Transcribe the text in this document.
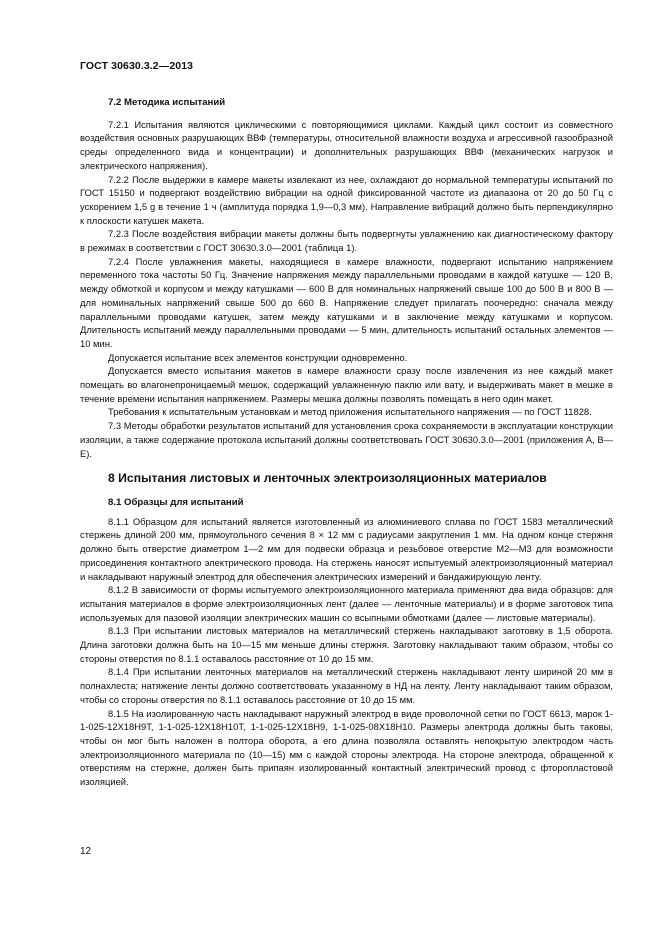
ГОСТ 30630.3.2—2013
7.2 Методика испытаний

7.2.1 Испытания являются циклическими с повторяющимися циклами. Каждый цикл состоит из совместного воздействия основных разрушающих ВВФ (температуры, относительной влажности воздуха и агрессивной газообразной среды определенного вида и концентрации) и дополнительных разрушающих ВВФ (механических нагрузок и электрического напряжения).

7.2.2 После выдержки в камере макеты извлекают из нее, охлаждают до нормальной температуры испытаний по ГОСТ 15150 и подвергают воздействию вибрации на одной фиксированной частоте из диапазона от 20 до 50 Гц с ускорением 1,5 g в течение 1 ч (амплитуда порядка 1,9—0,3 мм). Направление вибраций должно быть перпендикулярно к плоскости катушек макета.

7.2.3 После воздействия вибрации макеты должны быть подвергнуты увлажнению как диагностическому фактору в режимах в соответствии с ГОСТ 30630.3.0—2001 (таблица 1).

7.2.4 После увлажнения макеты, находящиеся в камере влажности, подвергают испытанию напряжением переменного тока частоты 50 Гц. Значение напряжения между параллельными проводами в каждой катушке — 120 В, между обмоткой и корпусом и между катушками — 600 В для номинальных напряжений свыше 100 до 500 В и 800 В — для номинальных напряжений свыше 500 до 660 В. Напряжение следует прилагать поочередно: сначала между параллельными проводами катушек, затем между катушками и в заключение между катушками и корпусом. Длительность испытаний между параллельными проводами — 5 мин, длительность испытаний остальных элементов — 10 мин.

Допускается испытание всех элементов конструкции одновременно.

Допускается вместо испытания макетов в камере влажности сразу после извлечения из нее каждый макет помещать во влагонепроницаемый мешок, содержащий увлажненную паклю или вату, и выдерживать макет в мешке в течение времени испытания напряжением. Размеры мешка должны позволять помещать в него один макет.

Требования к испытательным установкам и метод приложения испытательного напряжения — по ГОСТ 11828.

7.3 Методы обработки результатов испытаний для установления срока сохраняемости в эксплуатации конструкции изоляции, а также содержание протокола испытаний должны соответствовать ГОСТ 30630.3.0—2001 (приложения А, В—Е).

8 Испытания листовых и ленточных электроизоляционных материалов
8.1 Образцы для испытаний

8.1.1 Образцом для испытаний является изготовленный из алюминиевого сплава по ГОСТ 1583 металлический стержень длиной 200 мм, прямоугольного сечения 8 × 12 мм с радиусами закругления 1 мм. На одном конце стержня должно быть отверстие диаметром 1—2 мм для подвески образца и резьбовое отверстие М2—М3 для возможности присоединения контактного электрического провода. На стержень наносят испытуемый электроизоляционный материал и накладывают наружный электрод для обеспечения электрических измерений и бандажирующую ленту.

8.1.2 В зависимости от формы испытуемого электроизоляционного материала применяют два вида образцов: для испытания материалов в форме электроизоляционных лент (далее — ленточные материалы) и в форме заготовок типа используемых для пазовой изоляции электрических машин со всыпными обмотками (далее — листовые материалы).

8.1.3 При испытании листовых материалов на металлический стержень накладывают заготовку в 1,5 оборота. Длина заготовки должна быть на 10—15 мм меньше длины стержня. Заготовку накладывают таким образом, чтобы со стороны отверстия по 8.1.1 оставалось расстояние от 10 до 15 мм.

8.1.4 При испытании ленточных материалов на металлический стержень накладывают ленту шириной 20 мм в полнахлеста; натяжение ленты должно соответствовать указанному в НД на ленту. Ленту накладывают таким образом, чтобы со стороны отверстия по 8.1.1 оставалось расстояние от 10 до 15 мм.

8.1.5 На изолированную часть накладывают наружный электрод в виде проволочной сетки по ГОСТ 6613, марок 1-1-025-12Х18Н9Т, 1-1-025-12Х18Н10Т, 1-1-025-12Х18Н9, 1-1-025-08Х18Н10. Размеры электрода должны быть таковы, чтобы он мог быть наложен в полтора оборота, а его длина позволяла оставлять непокрытую электродом часть электроизоляционного материала по (10—15) мм с каждой стороны электрода. На стороне электрода, обращенной к отверстиям на стержне, должен быть припаян изолированный контактный электрический провод с фторопластовой изоляцией.

12
